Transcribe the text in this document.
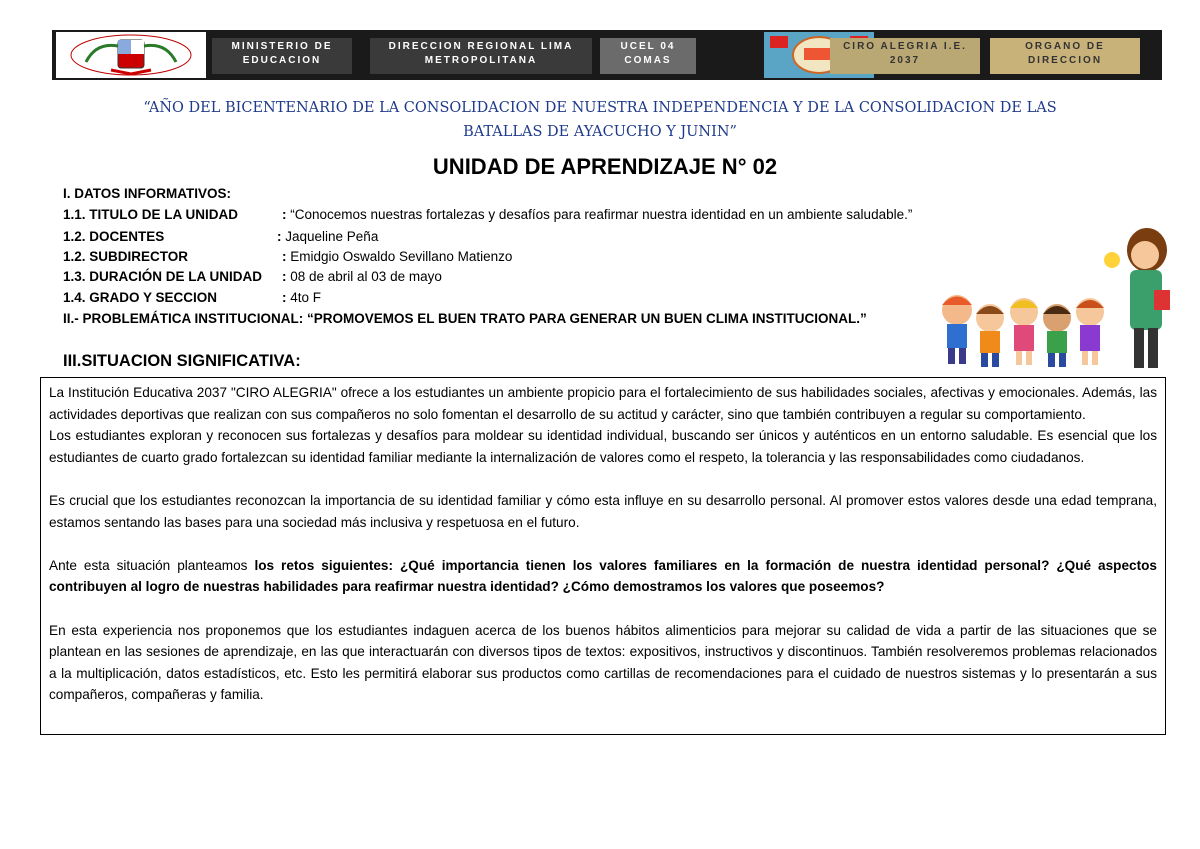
MINISTERIO DE EDUCACION
DIRECCION REGIONAL LIMA METROPOLITANA
UCEL 04 COMAS
CIRO ALEGRIA I.E. 2037
ORGANO DE DIRECCION
“AÑO DEL BICENTENARIO DE LA CONSOLIDACION DE NUESTRA INDEPENDENCIA Y DE LA CONSOLIDACION DE LAS
BATALLAS DE AYACUCHO Y JUNIN”
UNIDAD DE APRENDIZAJE N° 02
I. DATOS INFORMATIVOS:
1.1. TITULO DE LA UNIDAD	: “Conocemos nuestras fortalezas y desafíos para reafirmar nuestra identidad en un ambiente saludable.”
1.2. DOCENTES	: Jaqueline Peña
1.2. SUBDIRECTOR	: Emidgio Oswaldo Sevillano Matienzo
1.3. DURACIÓN DE LA UNIDAD : 08 de abril al 03 de mayo
1.4. GRADO Y SECCION	: 4to F
II.- PROBLEMÁTICA INSTITUCIONAL: “PROMOVEMOS EL BUEN TRATO PARA GENERAR UN BUEN CLIMA INSTITUCIONAL.”
III.SITUACION SIGNIFICATIVA:

La Institución Educativa 2037 "CIRO ALEGRIA" ofrece a los estudiantes un ambiente propicio para el fortalecimiento de sus habilidades sociales, afectivas y emocionales. Además, las actividades deportivas que realizan con sus compañeros no solo fomentan el desarrollo de su actitud y carácter, sino que también contribuyen a regular su comportamiento.

Los estudiantes exploran y reconocen sus fortalezas y desafíos para moldear su identidad individual, buscando ser únicos y auténticos en un entorno saludable. Es esencial que los estudiantes de cuarto grado fortalezcan su identidad familiar mediante la internalización de valores como el respeto, la tolerancia y las responsabilidades como ciudadanos.

Es crucial que los estudiantes reconozcan la importancia de su identidad familiar y cómo esta influye en su desarrollo personal. Al promover estos valores desde una edad temprana, estamos sentando las bases para una sociedad más inclusiva y respetuosa en el futuro.

Ante esta situación planteamos los retos siguientes: ¿Qué importancia tienen los valores familiares en la formación de nuestra identidad personal? ¿Qué aspectos contribuyen al logro de nuestras habilidades para reafirmar nuestra identidad? ¿Cómo demostramos los valores que poseemos?

En esta experiencia nos proponemos que los estudiantes indaguen acerca de los buenos hábitos alimenticios para mejorar su calidad de vida a partir de las situaciones que se plantean en las sesiones de aprendizaje, en las que interactuarán con diversos tipos de textos: expositivos, instructivos y discontinuos. También resolveremos problemas relacionados a la multiplicación, datos estadísticos, etc. Esto les permitirá elaborar sus productos como cartillas de recomendaciones para el cuidado de nuestros sistemas y lo presentarán a sus compañeros, compañeras y familia.
